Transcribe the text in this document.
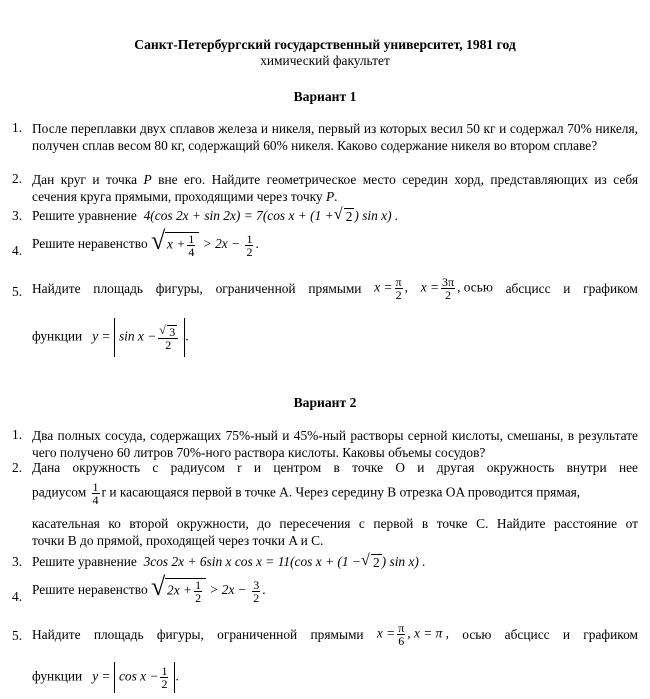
Санкт-Петербургский государственный университет, 1981 год
химический факультет
Вариант 1
1. После переплавки двух сплавов железа и никеля, первый из которых весил 50 кг и содержал 70% никеля, получен сплав весом 80 кг, содержащий 60% никеля. Каково содержание никеля во втором сплаве?
2. Дан круг и точка P вне его. Найдите геометрическое место середин хорд, представляющих из себя сечения круга прямыми, проходящими через точку P.
3. Решите уравнение 4(cos 2x + sin 2x) = 7(cos x + (1 + √ 2 ) sin x) .
4. Решите неравенство √ $x + \frac{1}{4} > 2x - \frac{1}{2}$ .
5. Найдите площадь фигуры, ограниченной прямыми $x = \frac{\pi}{2}$ , $x = \frac{3\pi}{2}$ , осью абсцисс и графиком
функции $y = \sin x - \frac{√ 3}{2}$ .
Вариант 2
1. Два полных сосуда, содержащих 75%-ный и 45%-ный растворы серной кислоты, смешаны, в результате чего получено 60 литров 70%-ного раствора кислоты. Каковы объемы сосудов?
2. Дана окружность с радиусом r и центром в точке O и другая окружность внутри нее
радиусом $\frac{1}{4}$ r и касающаяся первой в точке A. Через середину B отрезка OA проводится прямая,
касательная ко второй окружности, до пересечения с первой в точке C. Найдите расстояние от
точки B до прямой, проходящей через точки A и C.
3. Решите уравнение 3cos 2x + 6sin x cos x = 11(cos x + (1 − √ 2 ) sin x) .
4. Решите неравенство √ $2x + \frac{1}{2} > 2x - \frac{3}{2}$ .
5. Найдите площадь фигуры, ограниченной прямыми $x = \frac{\pi}{6}$ , x = π , осью абсцисс и графиком
функции $y = \cos x - \frac{1}{2}$ .
